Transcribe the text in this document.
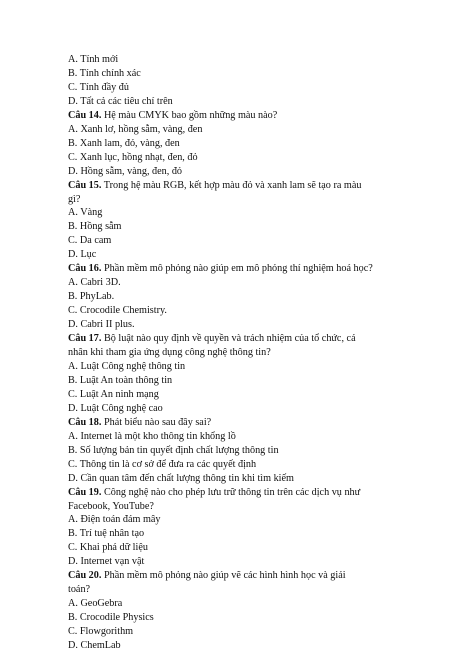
A. Tính mới
B. Tính chính xác
C. Tính đầy đủ
D. Tất cả các tiêu chí trên
Câu 14. Hệ màu CMYK bao gồm những màu nào?
A. Xanh lơ, hồng sẫm, vàng, đen
B. Xanh lam, đỏ, vàng, đen
C. Xanh lục, hồng nhạt, đen, đỏ
D. Hồng sẫm, vàng, đen, đỏ
Câu 15. Trong hệ màu RGB, kết hợp màu đỏ và xanh lam sẽ tạo ra màu
gì?
A. Vàng
B. Hồng sẫm
C. Da cam
D. Lục
Câu 16. Phần mềm mô phỏng nào giúp em mô phỏng thí nghiệm hoá học?
A. Cabri 3D.
B. PhyLab.
C. Crocodile Chemistry.
D. Cabri II plus.
Câu 17. Bộ luật nào quy định về quyền và trách nhiệm của tổ chức, cá
nhân khi tham gia ứng dụng công nghệ thông tin?
A. Luật Công nghệ thông tin
B. Luật An toàn thông tin
C. Luật An ninh mạng
D. Luật Công nghệ cao
Câu 18. Phát biểu nào sau đây sai?
A. Internet là một kho thông tin khổng lồ
B. Số lượng bản tin quyết định chất lượng thông tin
C. Thông tin là cơ sở để đưa ra các quyết định
D. Cần quan tâm đến chất lượng thông tin khi tìm kiếm
Câu 19. Công nghệ nào cho phép lưu trữ thông tin trên các dịch vụ như
Facebook, YouTube?
A. Điện toán đám mây
B. Trí tuệ nhân tạo
C. Khai phá dữ liệu
D. Internet vạn vật
Câu 20. Phần mềm mô phỏng nào giúp vẽ các hình hình học và giải
toán?
A. GeoGebra
B. Crocodile Physics
C. Flowgorithm
D. ChemLab
